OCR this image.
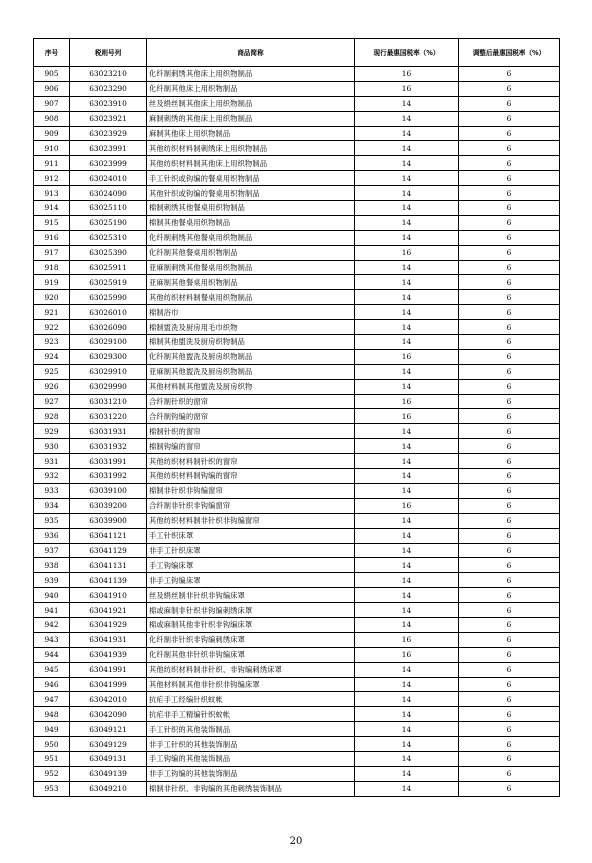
序号	税则号列	商品简称	现行最惠国税率（%）	调整后最惠国税率（%）
905	63023210	化纤制刺绣其他床上用织物制品	16	6
906	63023290	化纤制其他床上用织物制品	16	6
907	63023910	丝及绢丝制其他床上用织物制品	14	6
908	63023921	麻制刺绣的其他床上用织物制品	14	6
909	63023929	麻制其他床上用织物制品	14	6
910	63023991	其他纺织材料制刺绣床上用织物制品	14	6
911	63023999	其他纺织材料制其他床上用织物制品	14	6
912	63024010	手工针织或钩编的餐桌用织物制品	14	6
913	63024090	其他针织或钩编的餐桌用织物制品	14	6
914	63025110	棉制刺绣其他餐桌用织物制品	14	6
915	63025190	棉制其他餐桌用织物制品	14	6
916	63025310	化纤制刺绣其他餐桌用织物制品	14	6
917	63025390	化纤制其他餐桌用织物制品	16	6
918	63025911	亚麻制刺绣其他餐桌用织物制品	14	6
919	63025919	亚麻制其他餐桌用织物制品	14	6
920	63025990	其他纺织材料制餐桌用织物制品	14	6
921	63026010	棉制浴巾	14	6
922	63026090	棉制盥洗及厨房用毛巾织物	14	6
923	63029100	棉制其他盥洗及厨房织物制品	14	6
924	63029300	化纤制其他盥洗及厨房织物制品	16	6
925	63029910	亚麻制其他盥洗及厨房织物制品	14	6
926	63029990	其他材料制其他盥洗及厨房织物	14	6
927	63031210	合纤制针织的窗帘	16	6
928	63031220	合纤制钩编的窗帘	16	6
929	63031931	棉制针织的窗帘	14	6
930	63031932	棉制钩编的窗帘	14	6
931	63031991	其他纺织材料制针织的窗帘	14	6
932	63031992	其他纺织材料制钩编的窗帘	14	6
933	63039100	棉制非针织非钩编窗帘	14	6
934	63039200	合纤制非针织非钩编窗帘	16	6
935	63039900	其他纺织材料制非针织非钩编窗帘	14	6
936	63041121	手工针织床罩	14	6
937	63041129	非手工针织床罩	14	6
938	63041131	手工钩编床罩	14	6
939	63041139	非手工钩编床罩	14	6
940	63041910	丝及绢丝制非针织非钩编床罩	14	6
941	63041921	棉或麻制非针织非钩编刺绣床罩	14	6
942	63041929	棉或麻制其他非针织非钩编床罩	14	6
943	63041931	化纤制非针织非钩编刺绣床罩	16	6
944	63041939	化纤制其他非针织非钩编床罩	16	6
945	63041991	其他纺织材料制非针织、非钩编刺绣床罩	14	6
946	63041999	其他材料制其他非针织非钩编床罩	14	6
947	63042010	抗疟手工经编针织蚊帐	14	6
948	63042090	抗疟非手工精编针织蚊帐	14	6
949	63049121	手工针织的其他装饰制品	14	6
950	63049129	非手工针织的其他装饰制品	14	6
951	63049131	手工钩编的其他装饰制品	14	6
952	63049139	非手工钩编的其他装饰制品	14	6
953	63049210	棉制非针织、非钩编的其他刺绣装饰制品	14	6
20
